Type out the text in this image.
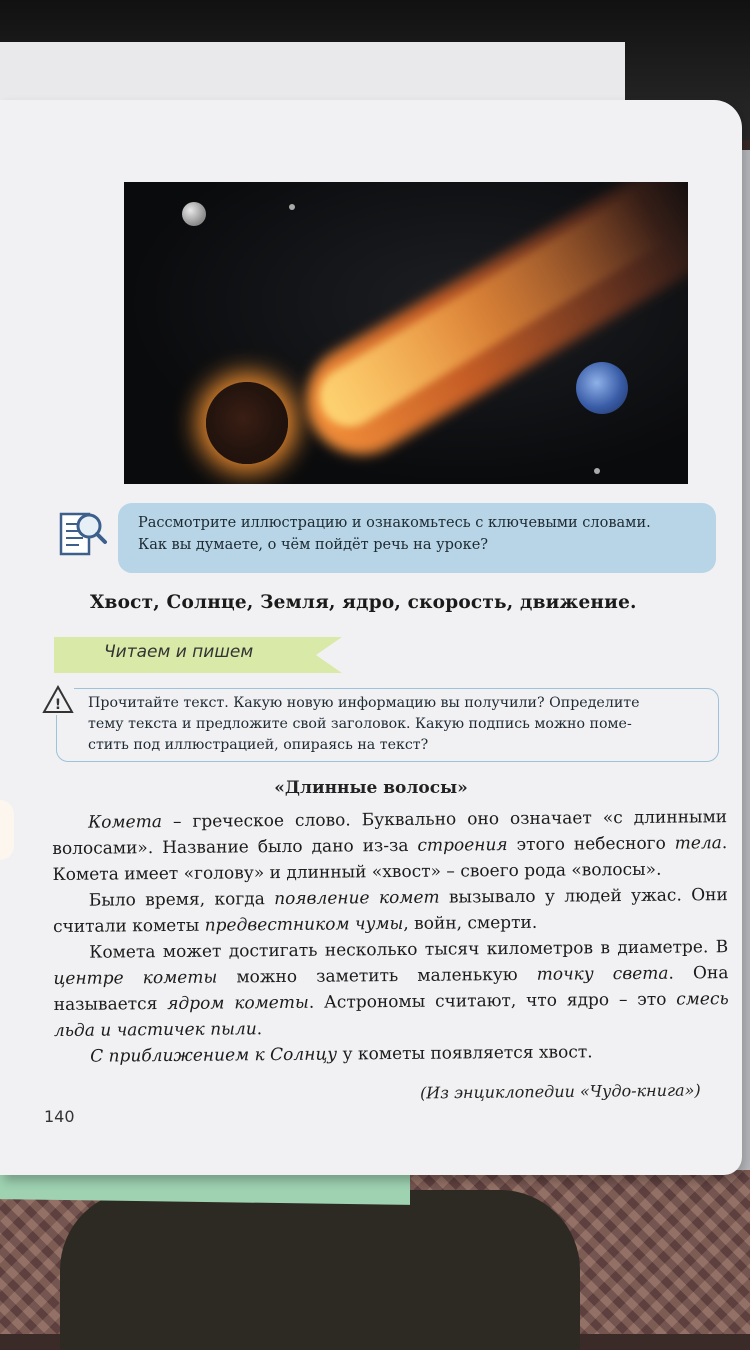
Рассмотрите иллюстрацию и ознакомьтесь с ключевыми словами.
Как вы думаете, о чём пойдёт речь на уроке?
Хвост, Солнце, Земля, ядро, скорость, движение.
Читаем и пишем
! Прочитайте текст. Какую новую информацию вы получили? Определите
тему текста и предложите свой заголовок. Какую подпись можно поме-
стить под иллюстрацией, опираясь на текст?
«Длинные волосы»

Комета – греческое слово. Буквально оно означает «с длинными волосами». Название было дано из-за строения этого небесного тела. Комета имеет «голову» и длинный «хвост» – своего рода «волосы».

Было время, когда появление комет вызывало у людей ужас. Они считали кометы предвестником чумы, войн, смерти.

Комета может достигать несколько тысяч километров в диаметре. В центре кометы можно заметить маленькую точку света. Она называется ядром кометы. Астрономы считают, что ядро – это смесь льда и частичек пыли.

С приближением к Солнцу у кометы появляется хвост.

(Из энциклопедии «Чудо-книга»)
140
